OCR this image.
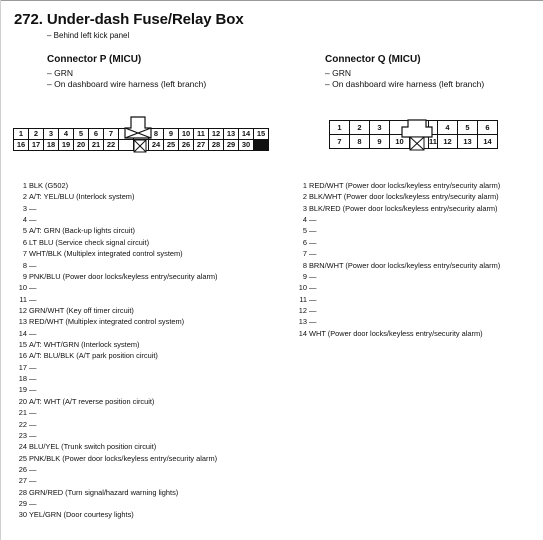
272. Under-dash Fuse/Relay Box
– Behind left kick panel
Connector P (MICU)
– GRN
– On dashboard wire harness (left branch)
Connector Q (MICU)
– GRN
– On dashboard wire harness (left branch)
1	2	3	4	5	6	7	8	9	10 11 12 13 14 15
16 17 18 19 20 21 22	24 25 26 27 28 29 30
1	2	3	4	5	6
7	8	9	10	11 12	13	14
1 BLK (G502)
2 A/T: YEL/BLU (Interlock system)
3 —
4 —
5 A/T: GRN (Back-up lights circuit)
6 LT BLU (Service check signal circuit)
7 WHT/BLK (Multiplex integrated control system)
8 —
9 PNK/BLU (Power door locks/keyless entry/security alarm)
10 —
11 —
12 GRN/WHT (Key off timer circuit)
13 RED/WHT (Multiplex integrated control system)
14 —
15 A/T: WHT/GRN (Interlock system)
16 A/T: BLU/BLK (A/T park position circuit)
17 —
18 —
19 —
20 A/T: WHT (A/T reverse position circuit)
21 —
22 —
23 —
24 BLU/YEL (Trunk switch position circuit)
25 PNK/BLK (Power door locks/keyless entry/security alarm)
26 —
27 —
28 GRN/RED (Turn signal/hazard warning lights)
29 —
30 YEL/GRN (Door courtesy lights)
1 RED/WHT (Power door locks/keyless entry/security alarm)
2 BLK/WHT (Power door locks/keyless entry/security alarm)
3 BLK/RED (Power door locks/keyless entry/security alarm)
4 —
5 —
6 —
7 —
8 BRN/WHT (Power door locks/keyless entry/security alarm)
9 —
10 —
11 —
12 —
13 —
14 WHT (Power door locks/keyless entry/security alarm)
